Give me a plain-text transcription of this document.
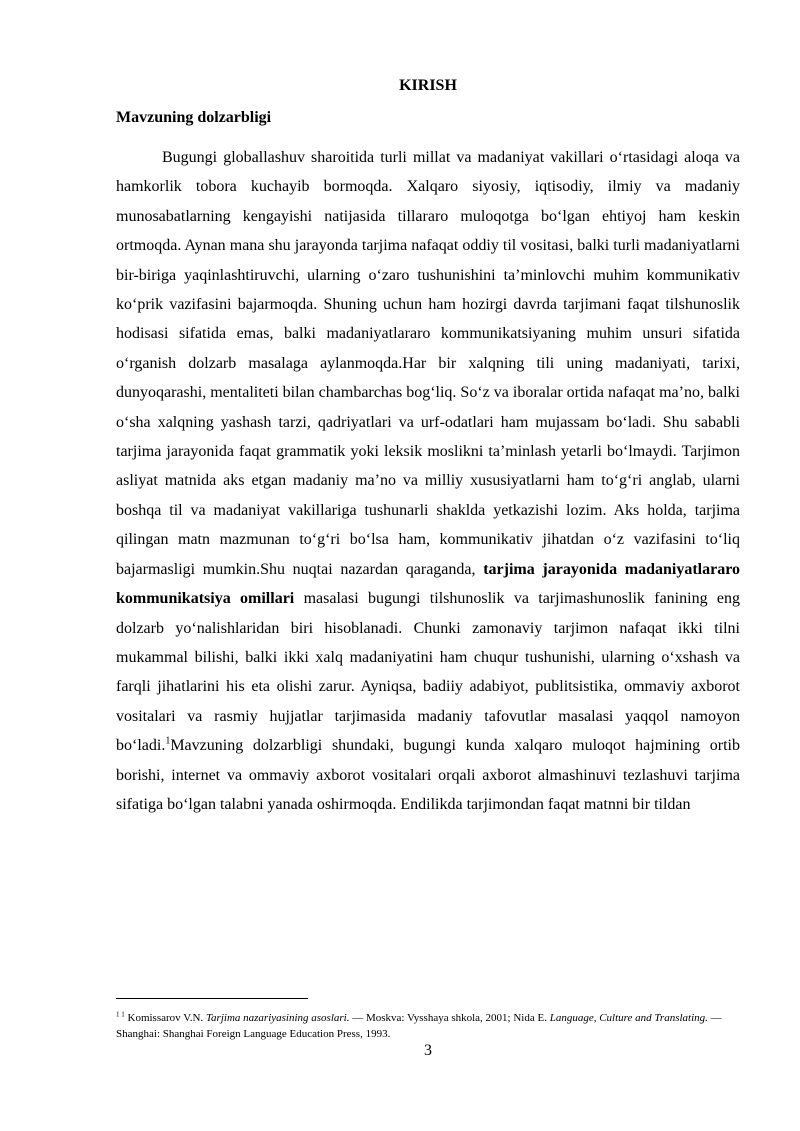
KIRISH
Mavzuning dolzarbligi

Bugungi globallashuv sharoitida turli millat va madaniyat vakillari o‘rtasidagi aloqa va hamkorlik tobora kuchayib bormoqda. Xalqaro siyosiy, iqtisodiy, ilmiy va madaniy munosabatlarning kengayishi natijasida tillararo muloqotga bo‘lgan ehtiyoj ham keskin ortmoqda. Aynan mana shu jarayonda tarjima nafaqat oddiy til vositasi, balki turli madaniyatlarni bir-biriga yaqinlashtiruvchi, ularning o‘zaro tushunishini ta’minlovchi muhim kommunikativ ko‘prik vazifasini bajarmoqda. Shuning uchun ham hozirgi davrda tarjimani faqat tilshunoslik hodisasi sifatida emas, balki madaniyatlararo kommunikatsiyaning muhim unsuri sifatida o‘rganish dolzarb masalaga aylanmoqda.Har bir xalqning tili uning madaniyati, tarixi, dunyoqarashi, mentaliteti bilan chambarchas bog‘liq. So‘z va iboralar ortida nafaqat ma’no, balki o‘sha xalqning yashash tarzi, qadriyatlari va urf-odatlari ham mujassam bo‘ladi. Shu sababli tarjima jarayonida faqat grammatik yoki leksik moslikni ta’minlash yetarli bo‘lmaydi. Tarjimon asliyat matnida aks etgan madaniy ma’no va milliy xususiyatlarni ham to‘g‘ri anglab, ularni boshqa til va madaniyat vakillariga tushunarli shaklda yetkazishi lozim. Aks holda, tarjima qilingan matn mazmunan to‘g‘ri bo‘lsa ham, kommunikativ jihatdan o‘z vazifasini to‘liq bajarmasligi mumkin.Shu nuqtai nazardan qaraganda, tarjima jarayonida madaniyatlararo kommunikatsiya omillari masalasi bugungi tilshunoslik va tarjimashunoslik fanining eng dolzarb yo‘nalishlaridan biri hisoblanadi. Chunki zamonaviy tarjimon nafaqat ikki tilni mukammal bilishi, balki ikki xalq madaniyatini ham chuqur tushunishi, ularning o‘xshash va farqli jihatlarini his eta olishi zarur. Ayniqsa, badiiy adabiyot, publitsistika, ommaviy axborot vositalari va rasmiy hujjatlar tarjimasida madaniy tafovutlar masalasi yaqqol namoyon bo‘ladi.$^1$Mavzuning dolzarbligi shundaki, bugungi kunda xalqaro muloqot hajmining ortib borishi, internet va ommaviy axborot vositalari orqali axborot almashinuvi tezlashuvi tarjima sifatiga bo‘lgan talabni yanada oshirmoqda. Endilikda tarjimondan faqat matnni bir tildan

$^{1 1}$ Komissarov V.N. Tarjima nazariyasining asoslari. — Moskva: Vysshaya shkola, 2001; Nida E. Language, Culture and Translating. — Shanghai: Shanghai Foreign Language Education Press, 1993.

3
